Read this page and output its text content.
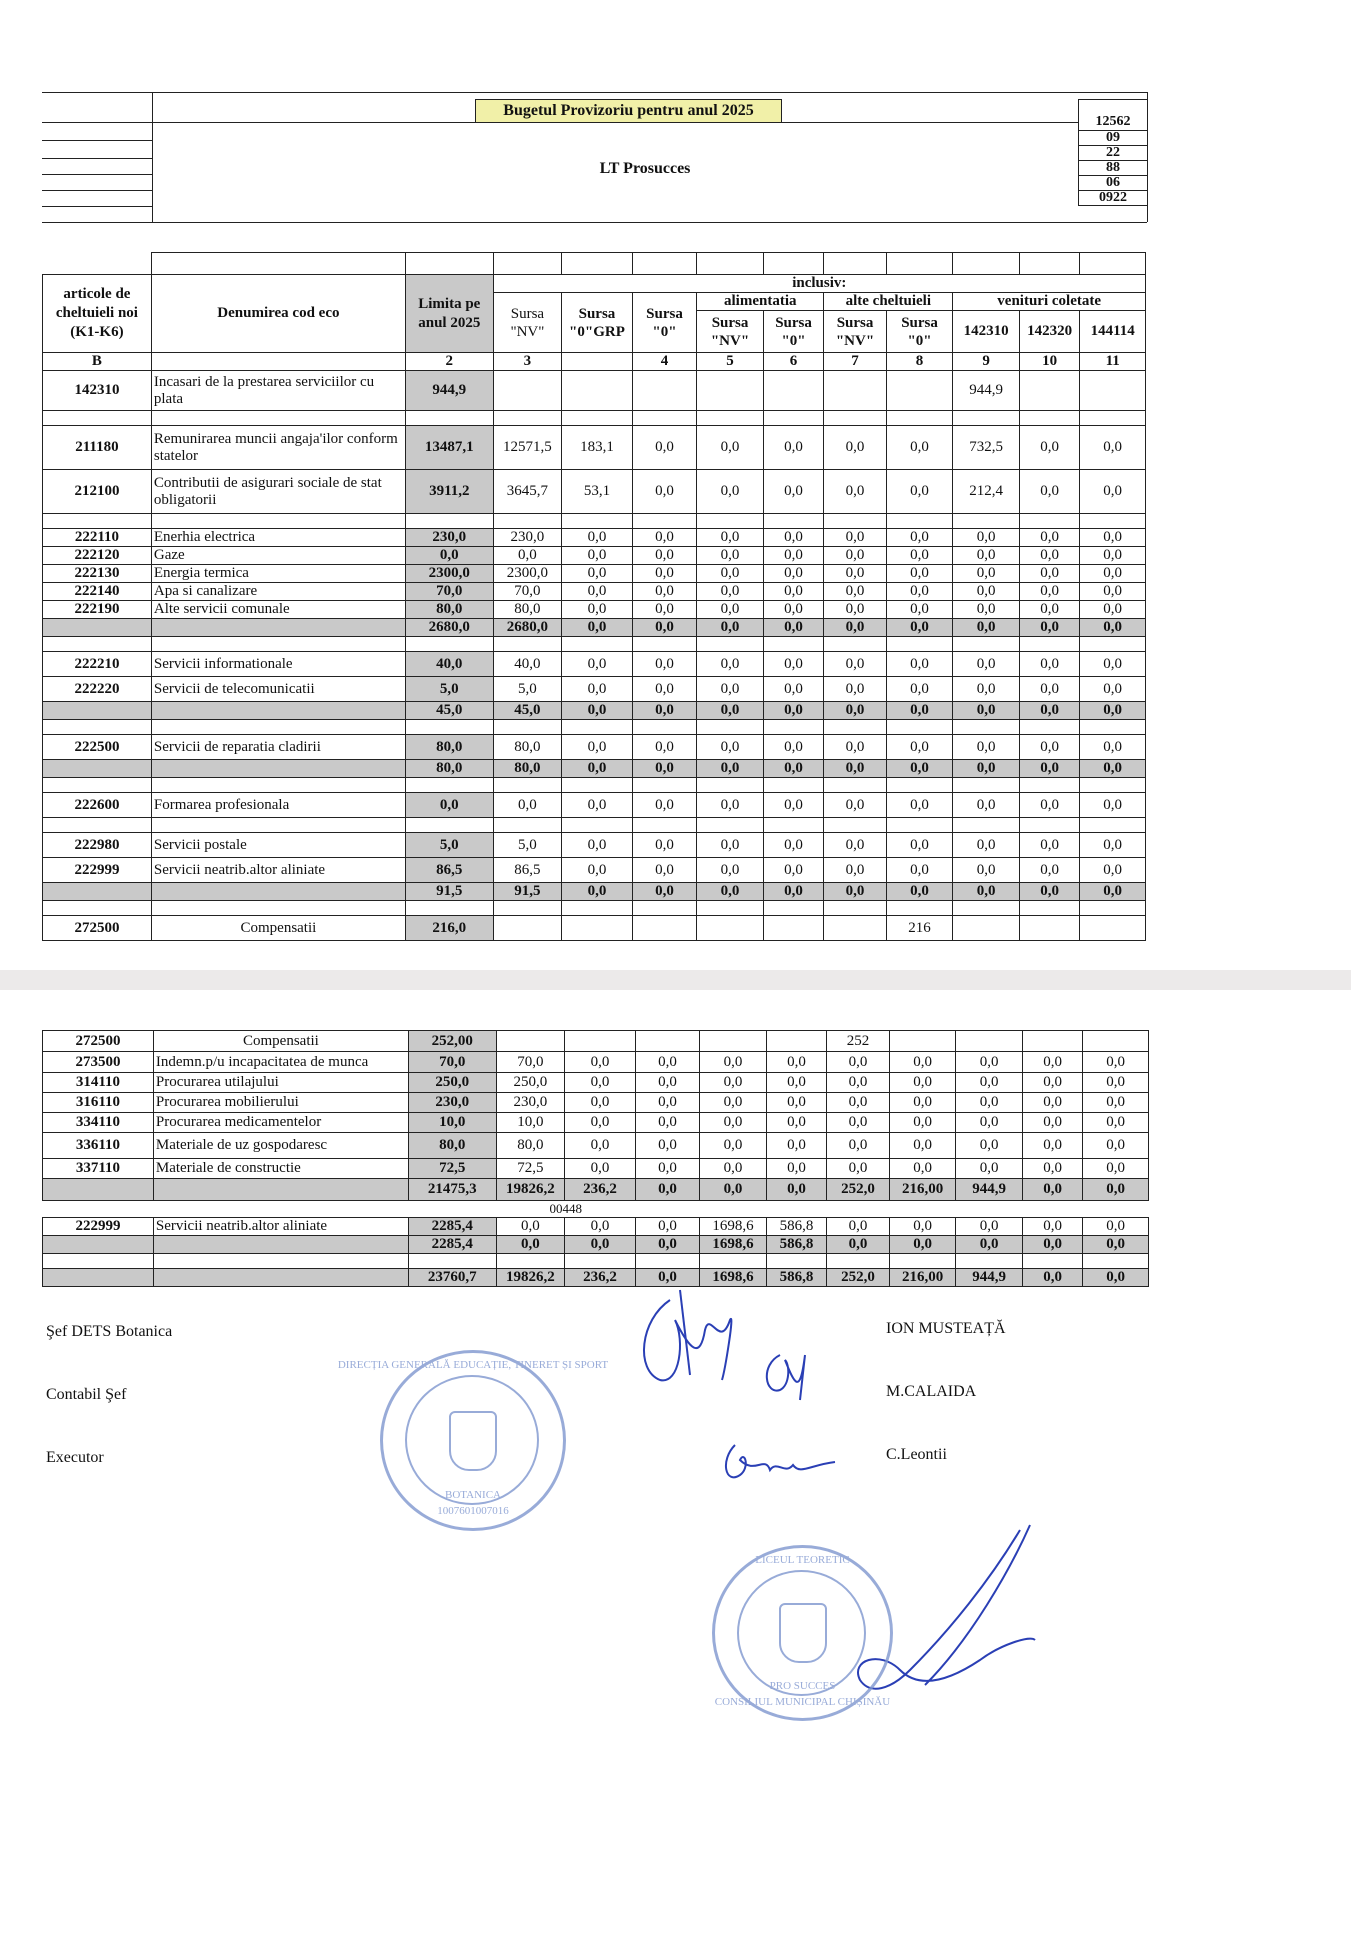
Bugetul Provizoriu pentru anul 2025
LT Prosucces
12562
09
22
88
06
0922

articole de cheltuieli noi (K1-K6)	Denumirea cod eco	Limita pe anul 2025	inclusiv:									
			Sursa "NV"	Sursa "0"GRP	Sursa "0"	alimentatia		alte cheltuieli		venituri coletate		
						Sursa "NV"	Sursa "0"	Sursa "NV"	Sursa "0"	142310	142320	144114
B		2	3		4	5	6	7	8	9	10	11
142310	Incasari de la prestarea serviciilor cu plata	944,9								944,9		

211180	Remunirarea muncii angaja'ilor conform statelor	13487,1	12571,5	183,1	0,0	0,0	0,0	0,0	0,0	732,5	0,0	0,0
212100	Contributii de asigurari sociale de stat obligatorii	3911,2	3645,7	53,1	0,0	0,0	0,0	0,0	0,0	212,4	0,0	0,0

222110	Enerhia electrica	230,0	230,0	0,0	0,0	0,0	0,0	0,0	0,0	0,0	0,0	0,0
222120	Gaze	0,0	0,0	0,0	0,0	0,0	0,0	0,0	0,0	0,0	0,0	0,0
222130	Energia termica	2300,0	2300,0	0,0	0,0	0,0	0,0	0,0	0,0	0,0	0,0	0,0
222140	Apa si canalizare	70,0	70,0	0,0	0,0	0,0	0,0	0,0	0,0	0,0	0,0	0,0
222190	Alte servicii comunale	80,0	80,0	0,0	0,0	0,0	0,0	0,0	0,0	0,0	0,0	0,0
		2680,0	2680,0	0,0	0,0	0,0	0,0	0,0	0,0	0,0	0,0	0,0

222210	Servicii informationale	40,0	40,0	0,0	0,0	0,0	0,0	0,0	0,0	0,0	0,0	0,0
222220	Servicii de telecomunicatii	5,0	5,0	0,0	0,0	0,0	0,0	0,0	0,0	0,0	0,0	0,0
		45,0	45,0	0,0	0,0	0,0	0,0	0,0	0,0	0,0	0,0	0,0

222500	Servicii de reparatia cladirii	80,0	80,0	0,0	0,0	0,0	0,0	0,0	0,0	0,0	0,0	0,0
		80,0	80,0	0,0	0,0	0,0	0,0	0,0	0,0	0,0	0,0	0,0

222600	Formarea profesionala	0,0	0,0	0,0	0,0	0,0	0,0	0,0	0,0	0,0	0,0	0,0

222980	Servicii postale	5,0	5,0	0,0	0,0	0,0	0,0	0,0	0,0	0,0	0,0	0,0
222999	Servicii neatrib.altor aliniate	86,5	86,5	0,0	0,0	0,0	0,0	0,0	0,0	0,0	0,0	0,0
		91,5	91,5	0,0	0,0	0,0	0,0	0,0	0,0	0,0	0,0	0,0

272500	Compensatii	216,0							216			
272500	Compensatii	252,00						252				
273500	Indemn.p/u incapacitatea de munca	70,0	70,0	0,0	0,0	0,0	0,0	0,0	0,0	0,0	0,0	0,0
314110	Procurarea utilajului	250,0	250,0	0,0	0,0	0,0	0,0	0,0	0,0	0,0	0,0	0,0
316110	Procurarea mobilierului	230,0	230,0	0,0	0,0	0,0	0,0	0,0	0,0	0,0	0,0	0,0
334110	Procurarea medicamentelor	10,0	10,0	0,0	0,0	0,0	0,0	0,0	0,0	0,0	0,0	0,0
336110	Materiale de uz gospodaresc	80,0	80,0	0,0	0,0	0,0	0,0	0,0	0,0	0,0	0,0	0,0
337110	Materiale de constructie	72,5	72,5	0,0	0,0	0,0	0,0	0,0	0,0	0,0	0,0	0,0
		21475,3	19826,2	236,2	0,0	0,0	0,0	252,0	216,00	944,9	0,0	0,0
			00448									
222999	Servicii neatrib.altor aliniate	2285,4	0,0	0,0	0,0	1698,6	586,8	0,0	0,0	0,0	0,0	0,0
		2285,4	0,0	0,0	0,0	1698,6	586,8	0,0	0,0	0,0	0,0	0,0

		23760,7	19826,2	236,2	0,0	1698,6	586,8	252,0	216,00	944,9	0,0	0,0
Şef DETS Botanica	ION MUSTEAȚĂ
Contabil Şef	M.CALAIDA
Executor	C.Leontii
DIRECȚIA GENERALĂ EDUCAȚIE, TINERET ȘI SPORT
BOTANICA
1007601007016
LICEUL TEORETIC
PRO SUCCES
CONSILIUL MUNICIPAL CHIȘINĂU
